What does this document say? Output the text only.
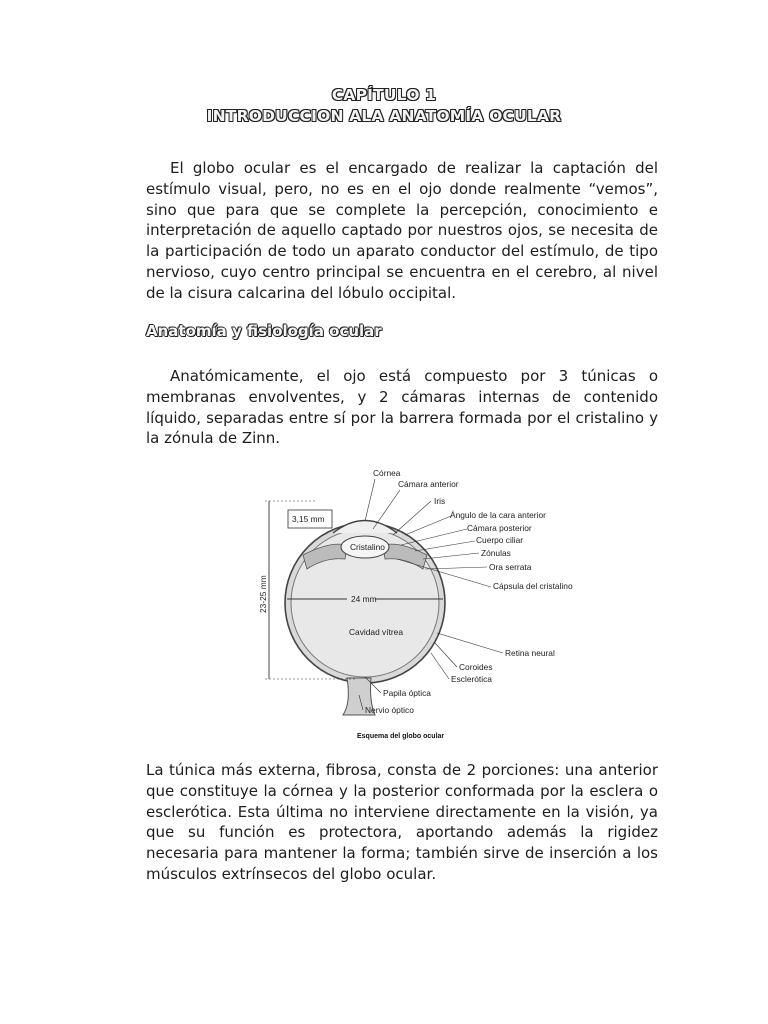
CAPÍTULO 1
INTRODUCCION ALA ANATOMÍA OCULAR
El globo ocular es el encargado de realizar la captación del estímulo visual, pero, no es en el ojo donde realmente “vemos”, sino que para que se complete la percepción, conocimiento e interpretación de aquello captado por nuestros ojos, se necesita de la participación de todo un aparato conductor del estímulo, de tipo nervioso, cuyo centro principal se encuentra en el cerebro, al nivel de la cisura calcarina del lóbulo occipital.
Anatomía y fisiología ocular
Anatómicamente, el ojo está compuesto por 3 túnicas o membranas envolventes, y 2 cámaras internas de contenido líquido, separadas entre sí por la barrera formada por el cristalino y la zónula de Zinn.
Cristalino
24 mm
Cavidad vítrea
23-25 mm
3,15 mm
Córnea
Cámara anterior
Iris
Ángulo de la cara anterior
Cámara posterior
Cuerpo ciliar
Zónulas
Ora serrata
Cápsula del cristalino
Retina neural
Coroides
Esclerótica
Papila óptica
Nervio óptico
Esquema del globo ocular
La túnica más externa, fibrosa, consta de 2 porciones: una anterior que constituye la córnea y la posterior conformada por la esclera o esclerótica. Esta última no interviene directamente en la visión, ya que su función es protectora, aportando además la rigidez necesaria para mantener la forma; también sirve de inserción a los músculos extrínsecos del globo ocular.
